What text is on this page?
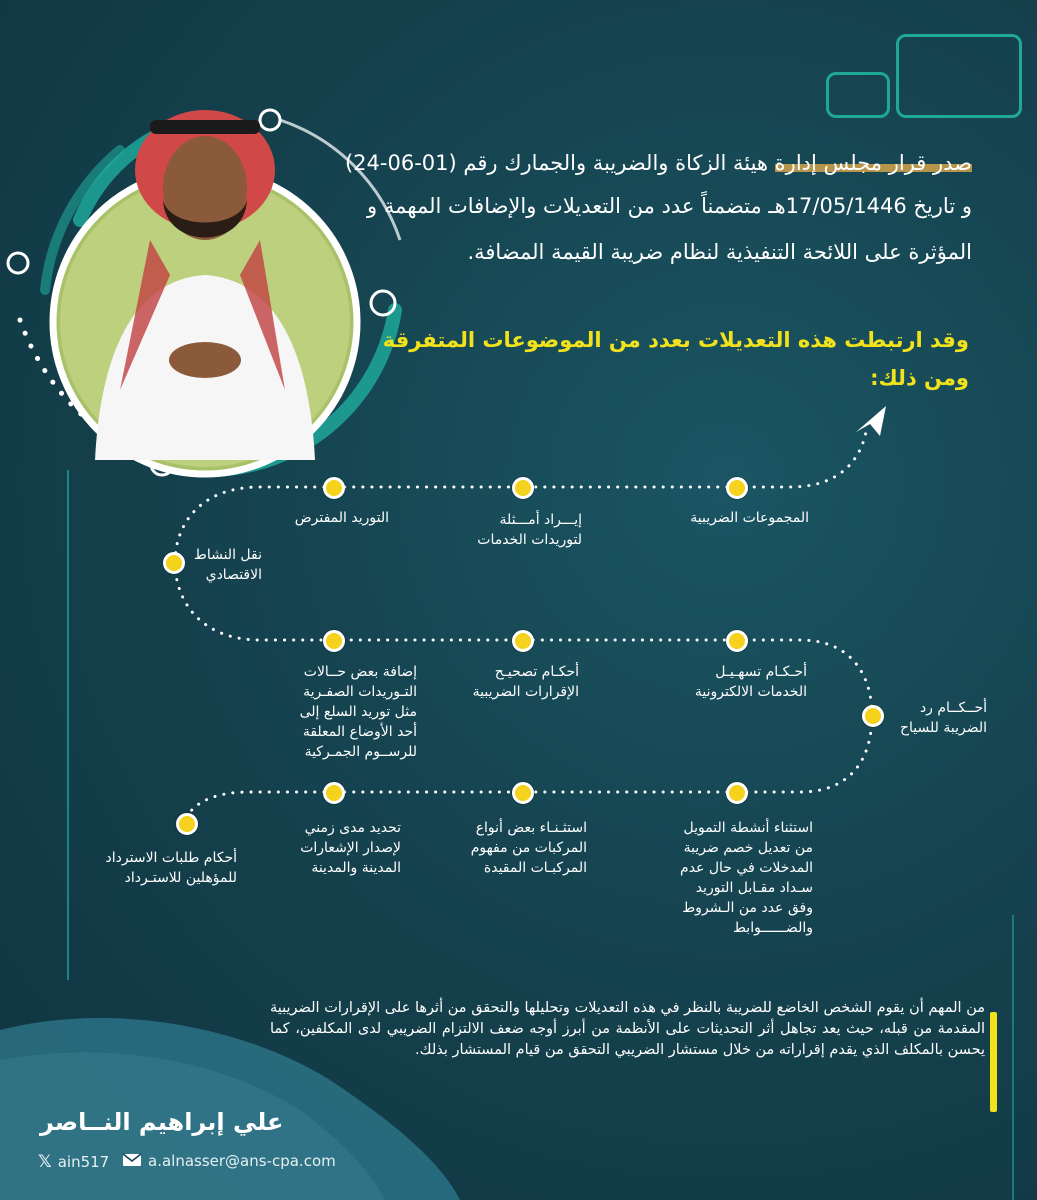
صدر قرار مجلس إدارة هيئة الزكاة والضريبة والجمارك رقم (01-06-24)
و تاريخ 17/05/1446هـ متضمناً عدد من التعديلات والإضافات المهمة و
المؤثرة على اللائحة التنفيذية لنظام ضريبة القيمة المضافة.
وقد ارتبطت هذه التعديلات بعدد من الموضوعات المتفرقة
ومن ذلك:
المجموعات الضريبية
إيـــراد أمـــثلة
لتوريدات الخدمات
التوريد المفترض
نقل النشاط
الاقتصادي
أحـكـام تسهـيـل
الخدمات الالكترونية
أحكـام تصحيـح
الإقرارات الضريبية
إضافة بعض حــالات
التـوريدات الصفـرية
مثل توريد السلع إلى
أحد الأوضاع المعلقة
للرســوم الجمـركية
أحــكــام رد
الضريبة للسياح
استثناء أنشطة التمويل
من تعديل خصم ضريبة
المدخلات في حال عدم
سـداد مقـابل التوريد
وفق عدد من الـشروط
والضــــــوابط
استثـنـاء بعض أنواع
المركبات من مفهوم
المركبـات المقيدة
تحديد مدى زمني
لإصدار الإشعارات
المدينة والمدينة
أحكام طلبات الاسترداد
للمؤهلين للاستـرداد
من المهم أن يقوم الشخص الخاضع للضريبة بالنظر في هذه التعديلات وتحليلها والتحقق من أثرها على الإقرارات الضريبية المقدمة من قبله، حيث يعد تجاهل أثر التحديثات على الأنظمة من أبرز أوجه ضعف الالتزام الضريبي لدى المكلفين، كما يحسن بالمكلف الذي يقدم إقراراته من خلال مستشار الضريبي التحقق من قيام المستشار بذلك.
علي إبراهيم النــاصر
𝕏 ain517	a.alnasser@ans-cpa.com
